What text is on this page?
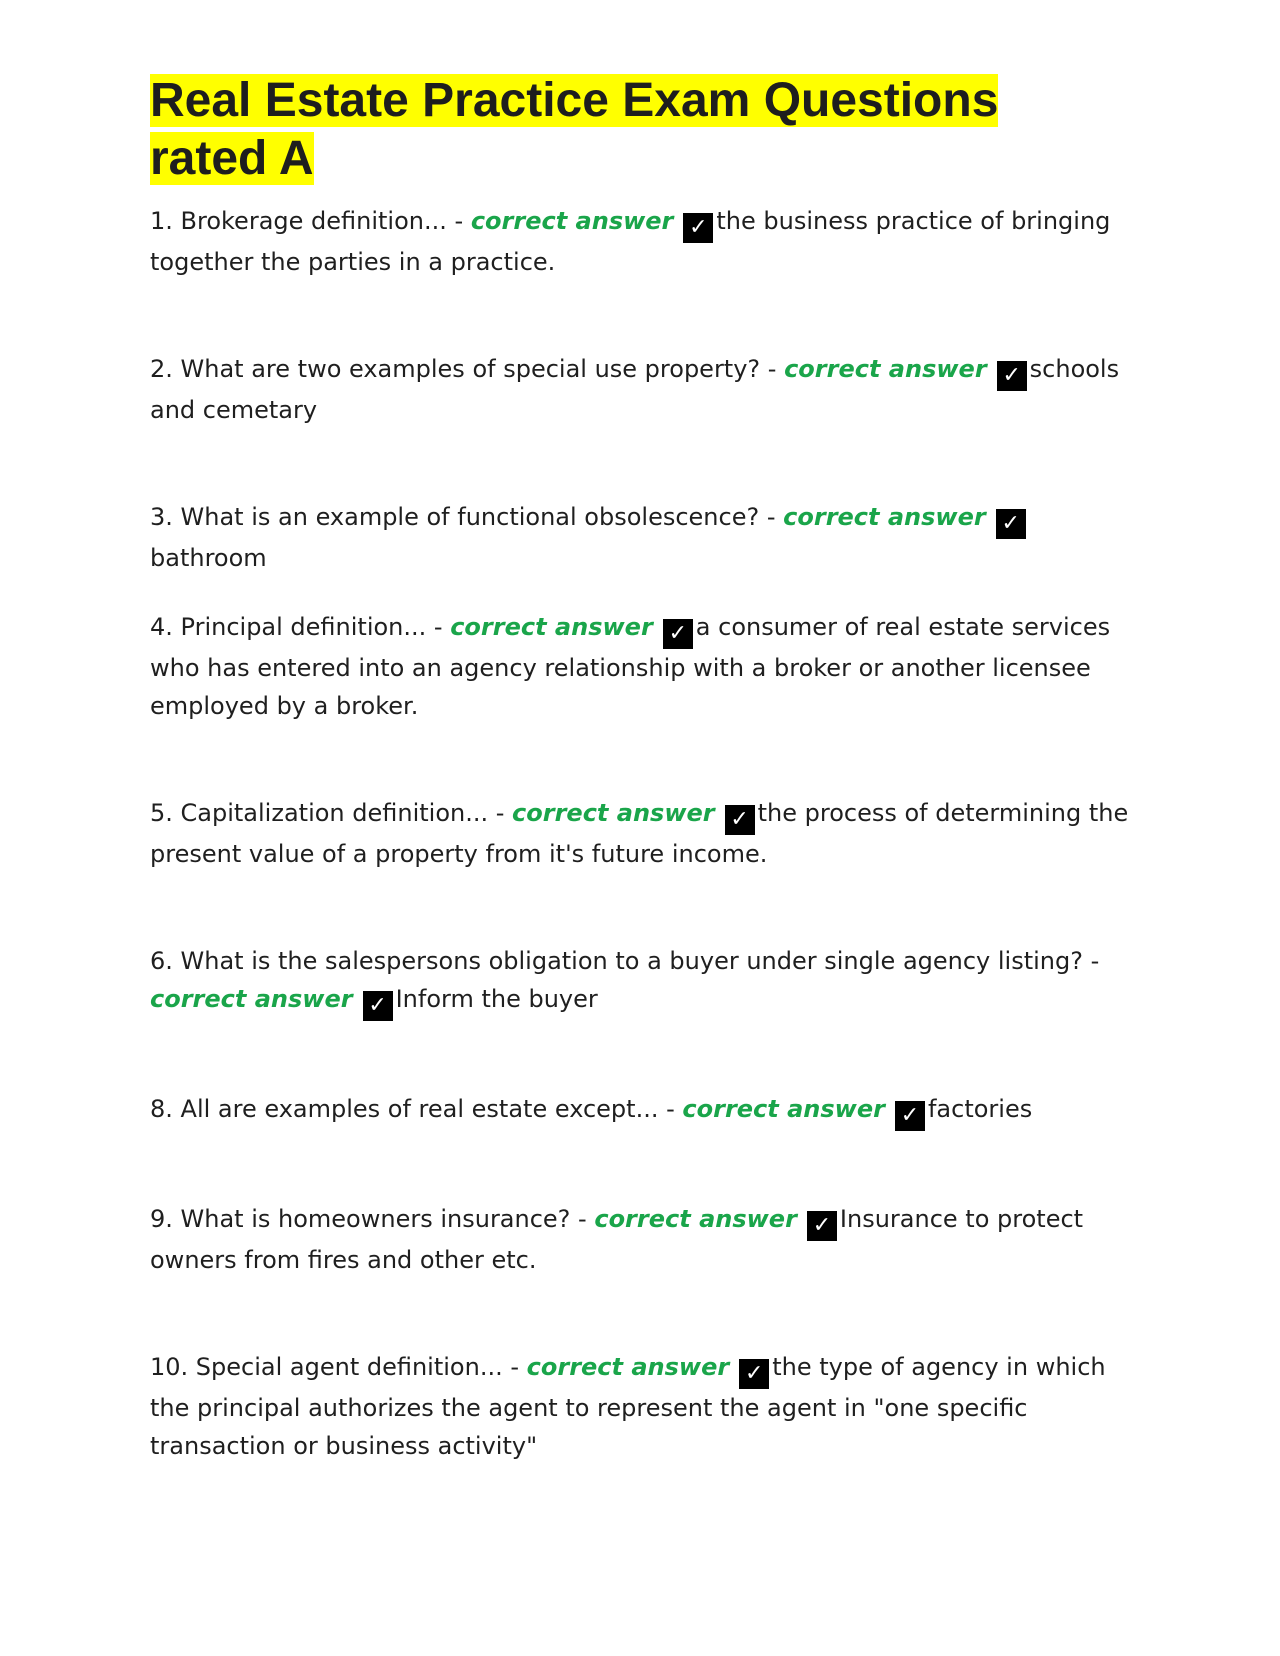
Real Estate Practice Exam Questions rated A

1. Brokerage definition... - correct answer ✓ the business practice of bringing together the parties in a practice.

2. What are two examples of special use property? - correct answer ✓ schools and cemetary

3. What is an example of functional obsolescence? - correct answer ✓bathroom

4. Principal definition... - correct answer ✓ a consumer of real estate services who has entered into an agency relationship with a broker or another licensee employed by a broker.

5. Capitalization definition... - correct answer ✓ the process of determining the present value of a property from it's future income.

6. What is the salespersons obligation to a buyer under single agency listing? - correct answer ✓ Inform the buyer

8. All are examples of real estate except... - correct answer ✓ factories

9. What is homeowners insurance? - correct answer ✓ Insurance to protect owners from fires and other etc.

10. Special agent definition... - correct answer ✓ the type of agency in which the principal authorizes the agent to represent the agent in "one specific transaction or business activity"
